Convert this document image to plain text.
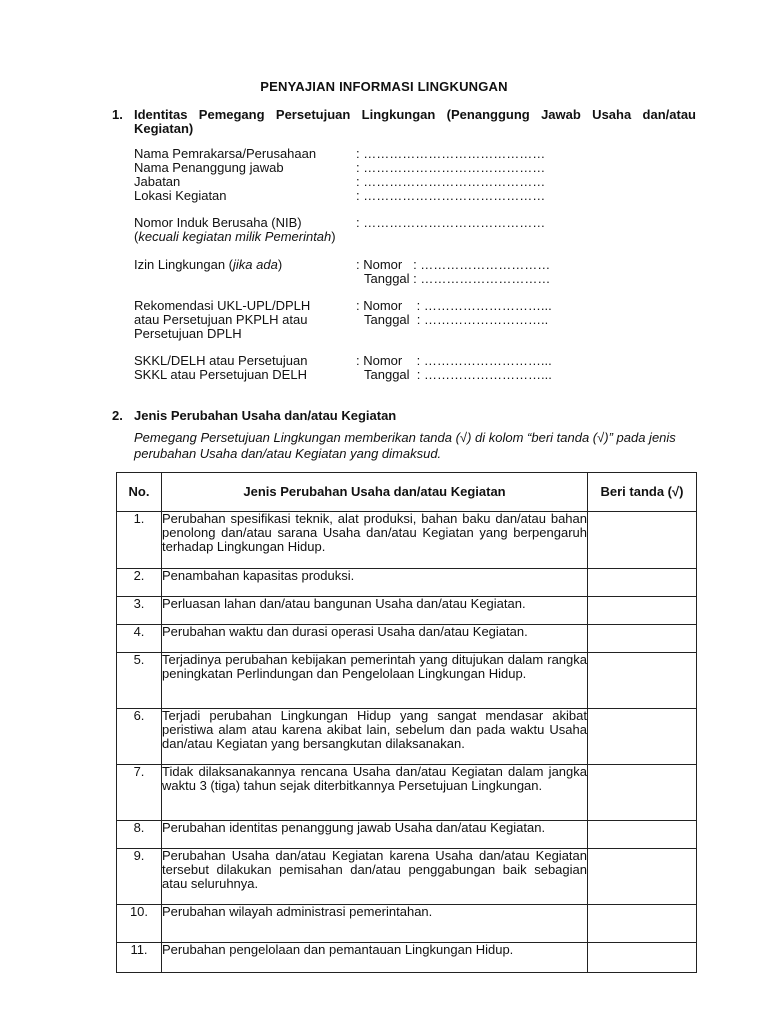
PENYAJIAN INFORMASI LINGKUNGAN
1. Identitas Pemegang Persetujuan Lingkungan (Penanggung Jawab Usaha dan/atau Kegiatan)
Nama Pemrakarsa/Perusahaan	: ……………………………………
Nama Penanggung jawab	: ……………………………………
Jabatan	: ……………………………………
Lokasi Kegiatan	: ……………………………………
Nomor Induk Berusaha (NIB)	: ……………………………………
(kecuali kegiatan milik Pemerintah)
Izin Lingkungan (jika ada)	: Nomor   : …………………………
Tanggal : …………………………
Rekomendasi UKL-UPL/DPLH
atau Persetujuan PKPLH atau
Persetujuan DPLH
: Nomor    : ………………………...
Tanggal  : ………………………..
SKKL/DELH atau Persetujuan
SKKL atau Persetujuan DELH
: Nomor    : ………………………...
Tanggal  : ………………………...
2. Jenis Perubahan Usaha dan/atau Kegiatan
Pemegang Persetujuan Lingkungan memberikan tanda (√) di kolom “beri tanda (√)” pada jenis perubahan Usaha dan/atau Kegiatan yang dimaksud.
No.	Jenis Perubahan Usaha dan/atau Kegiatan	Beri tanda (√)
1.	Perubahan spesifikasi teknik, alat produksi, bahan baku dan/atau bahan penolong dan/atau sarana Usaha dan/atau Kegiatan yang berpengaruh terhadap Lingkungan Hidup.	
2.	Penambahan kapasitas produksi.	
3.	Perluasan lahan dan/atau bangunan Usaha dan/atau Kegiatan.	
4.	Perubahan waktu dan durasi operasi Usaha dan/atau Kegiatan.	
5.	Terjadinya perubahan kebijakan pemerintah yang ditujukan dalam rangka peningkatan Perlindungan dan Pengelolaan Lingkungan Hidup.	
6.	Terjadi perubahan Lingkungan Hidup yang sangat mendasar akibat peristiwa alam atau karena akibat lain, sebelum dan pada waktu Usaha dan/atau Kegiatan yang bersangkutan dilaksanakan.	
7.	Tidak dilaksanakannya rencana Usaha dan/atau Kegiatan dalam jangka waktu 3 (tiga) tahun sejak diterbitkannya Persetujuan Lingkungan.	
8.	Perubahan identitas penanggung jawab Usaha dan/atau Kegiatan.	
9.	Perubahan Usaha dan/atau Kegiatan karena Usaha dan/atau Kegiatan tersebut dilakukan pemisahan dan/atau penggabungan baik sebagian atau seluruhnya.	
10.	Perubahan wilayah administrasi pemerintahan.	
11.	Perubahan pengelolaan dan pemantauan Lingkungan Hidup.	
